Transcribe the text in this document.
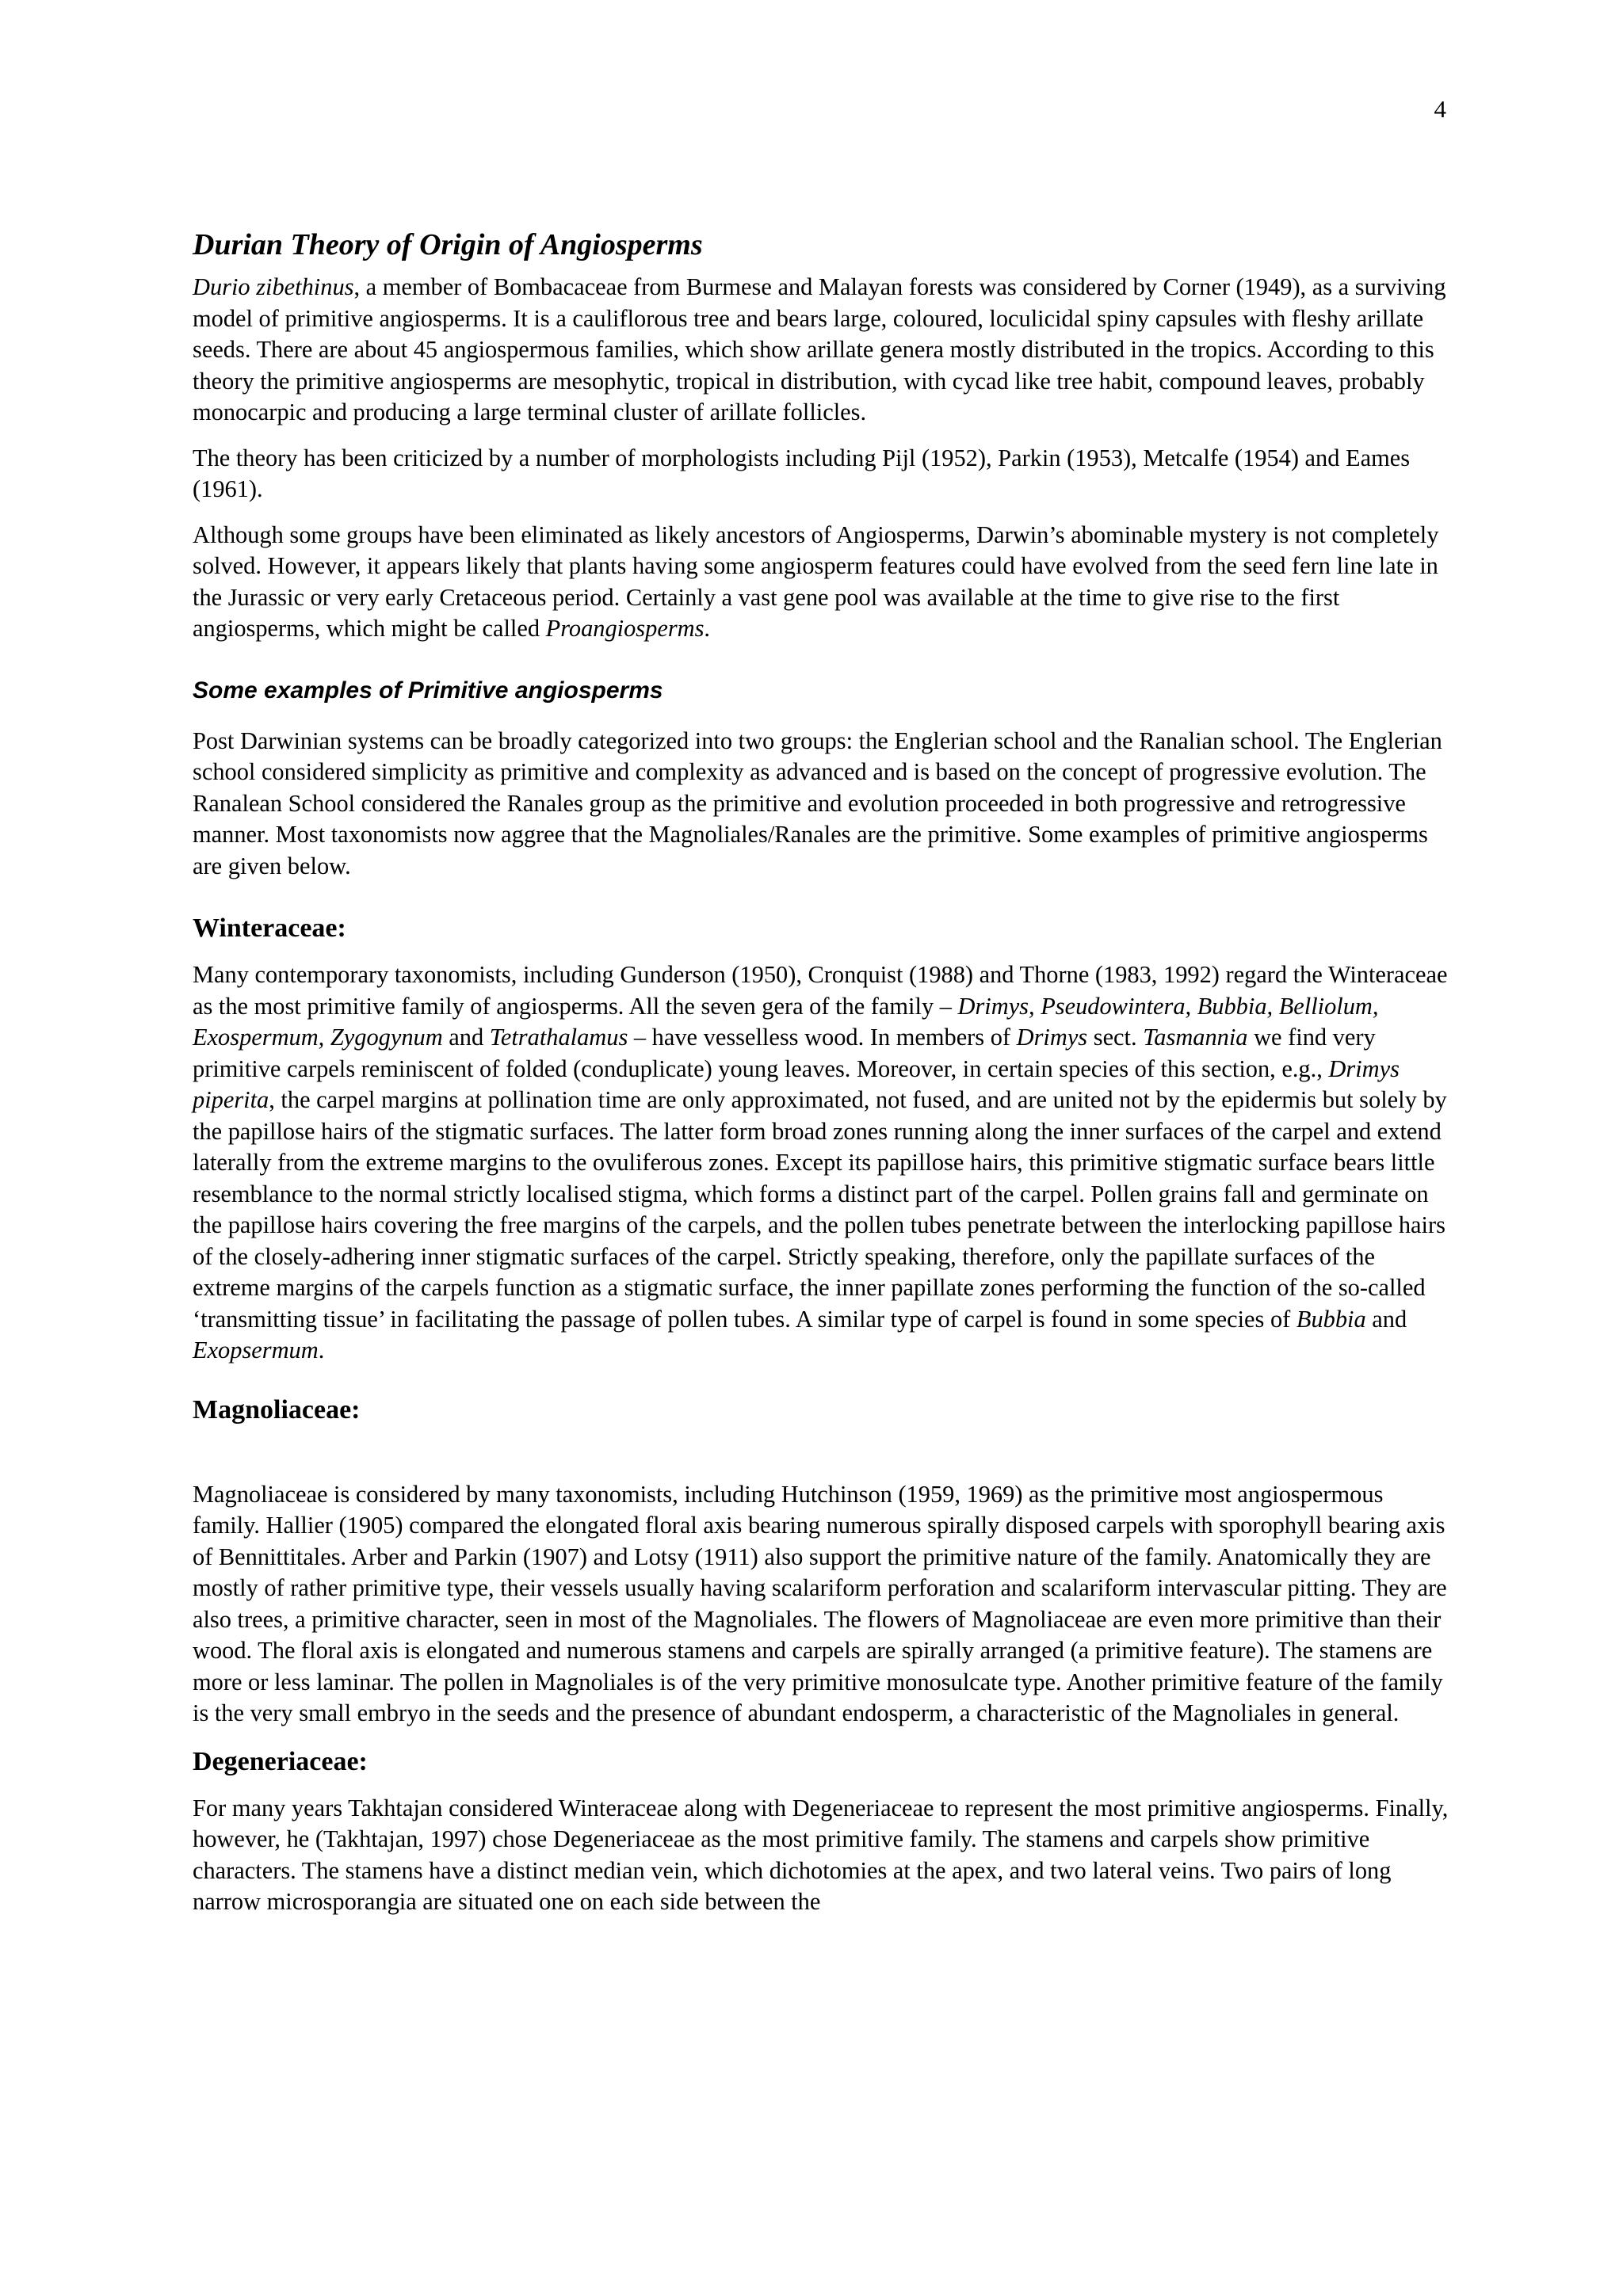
4
Durian Theory of Origin of Angiosperms

Durio zibethinus, a member of Bombacaceae from Burmese and Malayan forests was considered by Corner (1949), as a surviving model of primitive angiosperms. It is a cauliflorous tree and bears large, coloured, loculicidal spiny capsules with fleshy arillate seeds. There are about 45 angiospermous families, which show arillate genera mostly distributed in the tropics. According to this theory the primitive angiosperms are mesophytic, tropical in distribution, with cycad like tree habit, compound leaves, probably monocarpic and producing a large terminal cluster of arillate follicles.

The theory has been criticized by a number of morphologists including Pijl (1952), Parkin (1953), Metcalfe (1954) and Eames (1961).

Although some groups have been eliminated as likely ancestors of Angiosperms, Darwin’s abominable mystery is not completely solved. However, it appears likely that plants having some angiosperm features could have evolved from the seed fern line late in the Jurassic or very early Cretaceous period. Certainly a vast gene pool was available at the time to give rise to the first angiosperms, which might be called Proangiosperms.

Some examples of Primitive angiosperms

Post Darwinian systems can be broadly categorized into two groups: the Englerian school and the Ranalian school. The Englerian school considered simplicity as primitive and complexity as advanced and is based on the concept of progressive evolution. The Ranalean School considered the Ranales group as the primitive and evolution proceeded in both progressive and retrogressive manner. Most taxonomists now aggree that the Magnoliales/Ranales are the primitive. Some examples of primitive angiosperms are given below.

Winteraceae:

Many contemporary taxonomists, including Gunderson (1950), Cronquist (1988) and Thorne (1983, 1992) regard the Winteraceae as the most primitive family of angiosperms. All the seven gera of the family – Drimys, Pseudowintera, Bubbia, Belliolum, Exospermum, Zygogynum and Tetrathalamus – have vesselless wood. In members of Drimys sect. Tasmannia we find very primitive carpels reminiscent of folded (conduplicate) young leaves. Moreover, in certain species of this section, e.g., Drimys piperita, the carpel margins at pollination time are only approximated, not fused, and are united not by the epidermis but solely by the papillose hairs of the stigmatic surfaces. The latter form broad zones running along the inner surfaces of the carpel and extend laterally from the extreme margins to the ovuliferous zones. Except its papillose hairs, this primitive stigmatic surface bears little resemblance to the normal strictly localised stigma, which forms a distinct part of the carpel. Pollen grains fall and germinate on the papillose hairs covering the free margins of the carpels, and the pollen tubes penetrate between the interlocking papillose hairs of the closely-adhering inner stigmatic surfaces of the carpel. Strictly speaking, therefore, only the papillate surfaces of the extreme margins of the carpels function as a stigmatic surface, the inner papillate zones performing the function of the so-called ‘transmitting tissue’ in facilitating the passage of pollen tubes. A similar type of carpel is found in some species of Bubbia and Exopsermum.

Magnoliaceae:

Magnoliaceae is considered by many taxonomists, including Hutchinson (1959, 1969) as the primitive most angiospermous family. Hallier (1905) compared the elongated floral axis bearing numerous spirally disposed carpels with sporophyll bearing axis of Bennittitales. Arber and Parkin (1907) and Lotsy (1911) also support the primitive nature of the family. Anatomically they are mostly of rather primitive type, their vessels usually having scalariform perforation and scalariform intervascular pitting. They are also trees, a primitive character, seen in most of the Magnoliales. The flowers of Magnoliaceae are even more primitive than their wood. The floral axis is elongated and numerous stamens and carpels are spirally arranged (a primitive feature). The stamens are more or less laminar. The pollen in Magnoliales is of the very primitive monosulcate type. Another primitive feature of the family is the very small embryo in the seeds and the presence of abundant endosperm, a characteristic of the Magnoliales in general.

Degeneriaceae:

For many years Takhtajan considered Winteraceae along with Degeneriaceae to represent the most primitive angiosperms. Finally, however, he (Takhtajan, 1997) chose Degeneriaceae as the most primitive family. The stamens and carpels show primitive characters. The stamens have a distinct median vein, which dichotomies at the apex, and two lateral veins. Two pairs of long narrow microsporangia are situated one on each side between the
